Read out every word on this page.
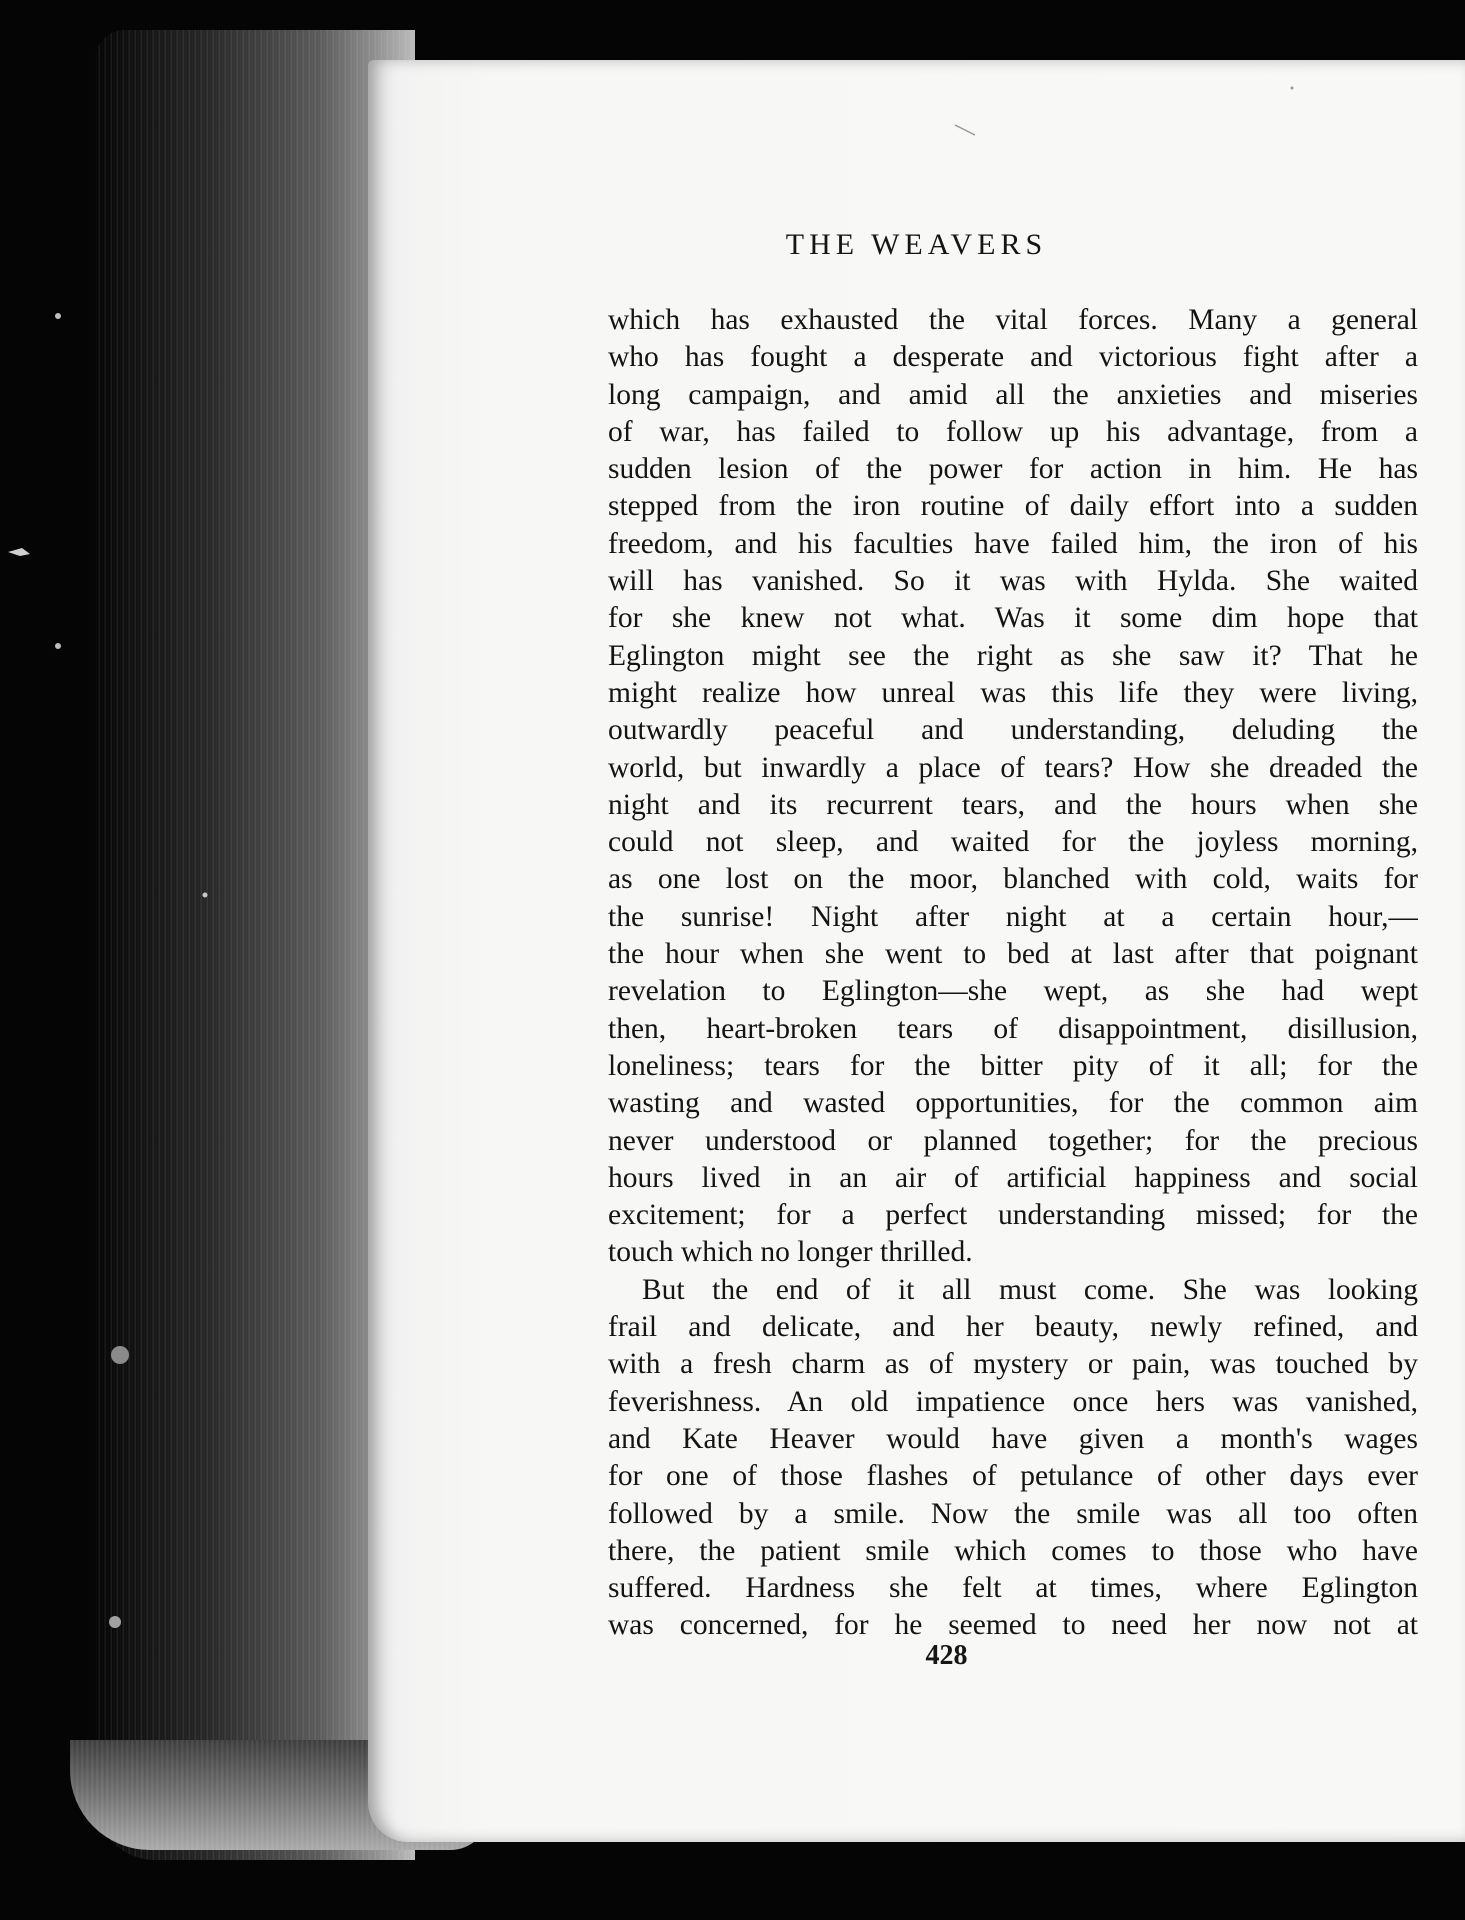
THE WEAVERS
which has exhausted the vital forces. Many a general
who has fought a desperate and victorious fight after a
long campaign, and amid all the anxieties and miseries
of war, has failed to follow up his advantage, from a
sudden lesion of the power for action in him. He has
stepped from the iron routine of daily effort into a sudden
freedom, and his faculties have failed him, the iron of his
will has vanished. So it was with Hylda. She waited
for she knew not what. Was it some dim hope that
Eglington might see the right as she saw it? That he
might realize how unreal was this life they were living,
outwardly peaceful and understanding, deluding the
world, but inwardly a place of tears? How she dreaded the
night and its recurrent tears, and the hours when she
could not sleep, and waited for the joyless morning,
as one lost on the moor, blanched with cold, waits for
the sunrise! Night after night at a certain hour,—
the hour when she went to bed at last after that poignant
revelation to Eglington—she wept, as she had wept
then, heart-broken tears of disappointment, disillusion,
loneliness; tears for the bitter pity of it all; for the
wasting and wasted opportunities, for the common aim
never understood or planned together; for the precious
hours lived in an air of artificial happiness and social
excitement; for a perfect understanding missed; for the
touch which no longer thrilled.
But the end of it all must come. She was looking
frail and delicate, and her beauty, newly refined, and
with a fresh charm as of mystery or pain, was touched by
feverishness. An old impatience once hers was vanished,
and Kate Heaver would have given a month's wages
for one of those flashes of petulance of other days ever
followed by a smile. Now the smile was all too often
there, the patient smile which comes to those who have
suffered. Hardness she felt at times, where Eglington
was concerned, for he seemed to need her now not at
428
